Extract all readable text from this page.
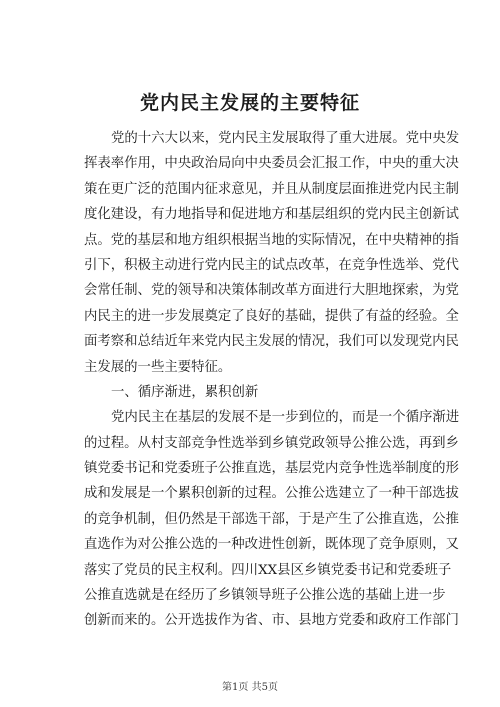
党内民主发展的主要特征
党的十六大以来，党内民主发展取得了重大进展。党中央发
挥表率作用，中央政治局向中央委员会汇报工作，中央的重大决
策在更广泛的范围内征求意见，并且从制度层面推进党内民主制
度化建设，有力地指导和促进地方和基层组织的党内民主创新试
点。党的基层和地方组织根据当地的实际情况，在中央精神的指
引下，积极主动进行党内民主的试点改革，在竞争性选举、党代
会常任制、党的领导和决策体制改革方面进行大胆地探索，为党
内民主的进一步发展奠定了良好的基础，提供了有益的经验。全
面考察和总结近年来党内民主发展的情况，我们可以发现党内民
主发展的一些主要特征。
一、循序渐进，累积创新
党内民主在基层的发展不是一步到位的，而是一个循序渐进
的过程。从村支部竞争性选举到乡镇党政领导公推公选，再到乡
镇党委书记和党委班子公推直选，基层党内竞争性选举制度的形
成和发展是一个累积创新的过程。公推公选建立了一种干部选拔
的竞争机制，但仍然是干部选干部，于是产生了公推直选，公推
直选作为对公推公选的一种改进性创新，既体现了竞争原则，又
落实了党员的民主权利。四川XX县区乡镇党委书记和党委班子
公推直选就是在经历了乡镇领导班子公推公选的基础上进一步
创新而来的。公开选拔作为省、市、县地方党委和政府工作部门
第1页 共5页
